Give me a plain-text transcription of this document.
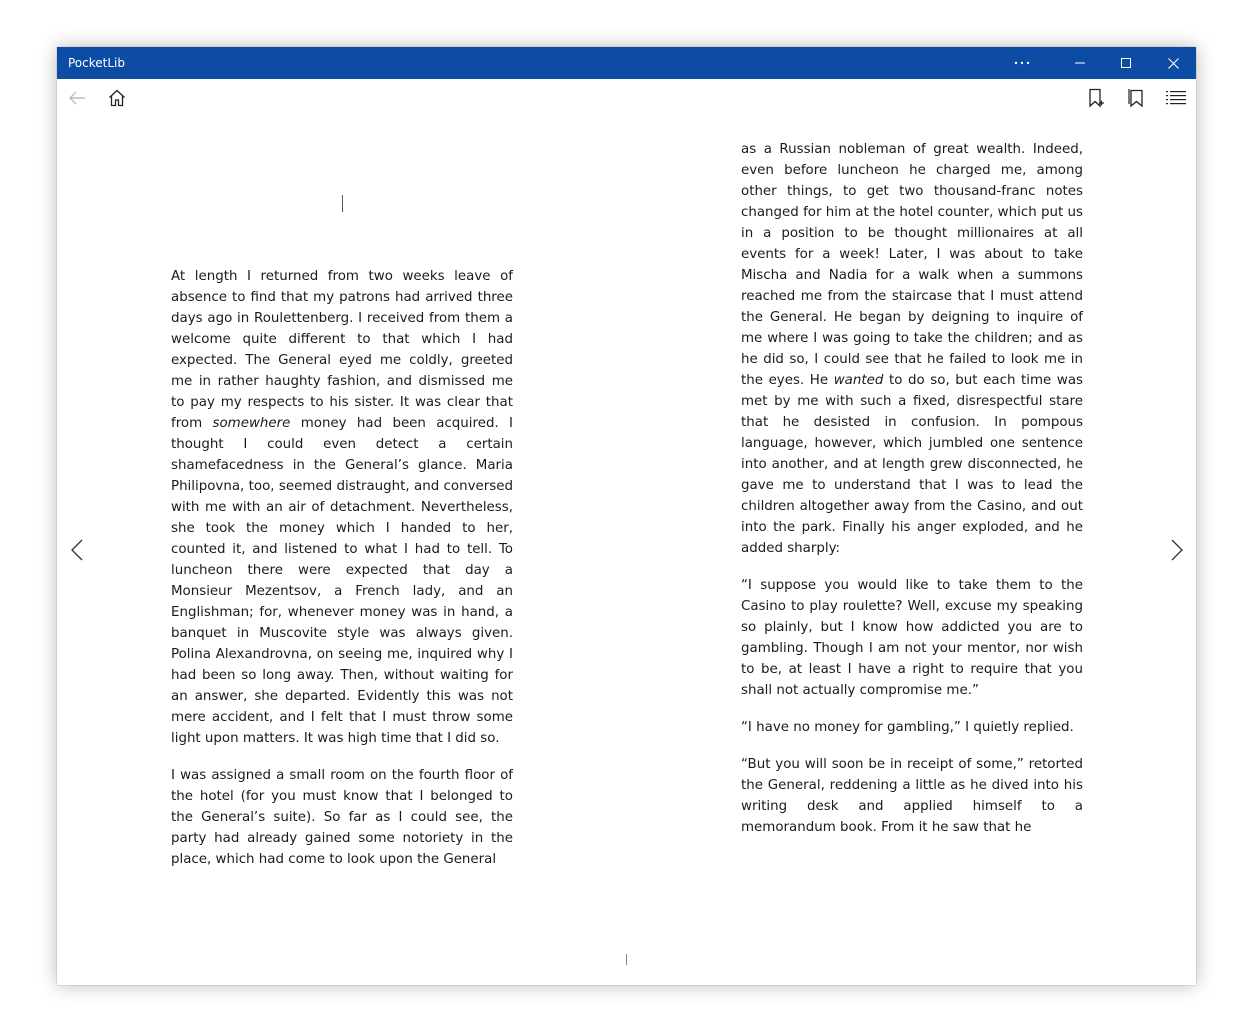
PocketLib

At length I returned from two weeks leave of absence to find that my patrons had arrived three days ago in Roulettenberg. I received from them a welcome quite different to that which I had expected. The General eyed me coldly, greeted me in rather haughty fashion, and dismissed me to pay my respects to his sister. It was clear that from somewhere money had been acquired. I thought I could even detect a certain shamefacedness in the General’s glance. Maria Philipovna, too, seemed distraught, and conversed with me with an air of detachment. Nevertheless, she took the money which I handed to her, counted it, and listened to what I had to tell. To luncheon there were expected that day a Monsieur Mezentsov, a French lady, and an Englishman; for, whenever money was in hand, a banquet in Muscovite style was always given. Polina Alexandrovna, on seeing me, inquired why I had been so long away. Then, without waiting for an answer, she departed. Evidently this was not mere accident, and I felt that I must throw some light upon matters. It was high time that I did so.

I was assigned a small room on the fourth floor of the hotel (for you must know that I belonged to the General’s suite). So far as I could see, the party had already gained some notoriety in the place, which had come to look upon the General

as a Russian nobleman of great wealth. Indeed, even before luncheon he charged me, among other things, to get two thousand-franc notes changed for him at the hotel counter, which put us in a position to be thought millionaires at all events for a week! Later, I was about to take Mischa and Nadia for a walk when a summons reached me from the staircase that I must attend the General. He began by deigning to inquire of me where I was going to take the children; and as he did so, I could see that he failed to look me in the eyes. He wanted to do so, but each time was met by me with such a fixed, disrespectful stare that he desisted in confusion. In pompous language, however, which jumbled one sentence into another, and at length grew disconnected, he gave me to understand that I was to lead the children altogether away from the Casino, and out into the park. Finally his anger exploded, and he added sharply:

“I suppose you would like to take them to the Casino to play roulette? Well, excuse my speaking so plainly, but I know how addicted you are to gambling. Though I am not your mentor, nor wish to be, at least I have a right to require that you shall not actually compromise me.”

“I have no money for gambling,” I quietly replied.

“But you will soon be in receipt of some,” retorted the General, reddening a little as he dived into his writing desk and applied himself to a memorandum book. From it he saw that he
